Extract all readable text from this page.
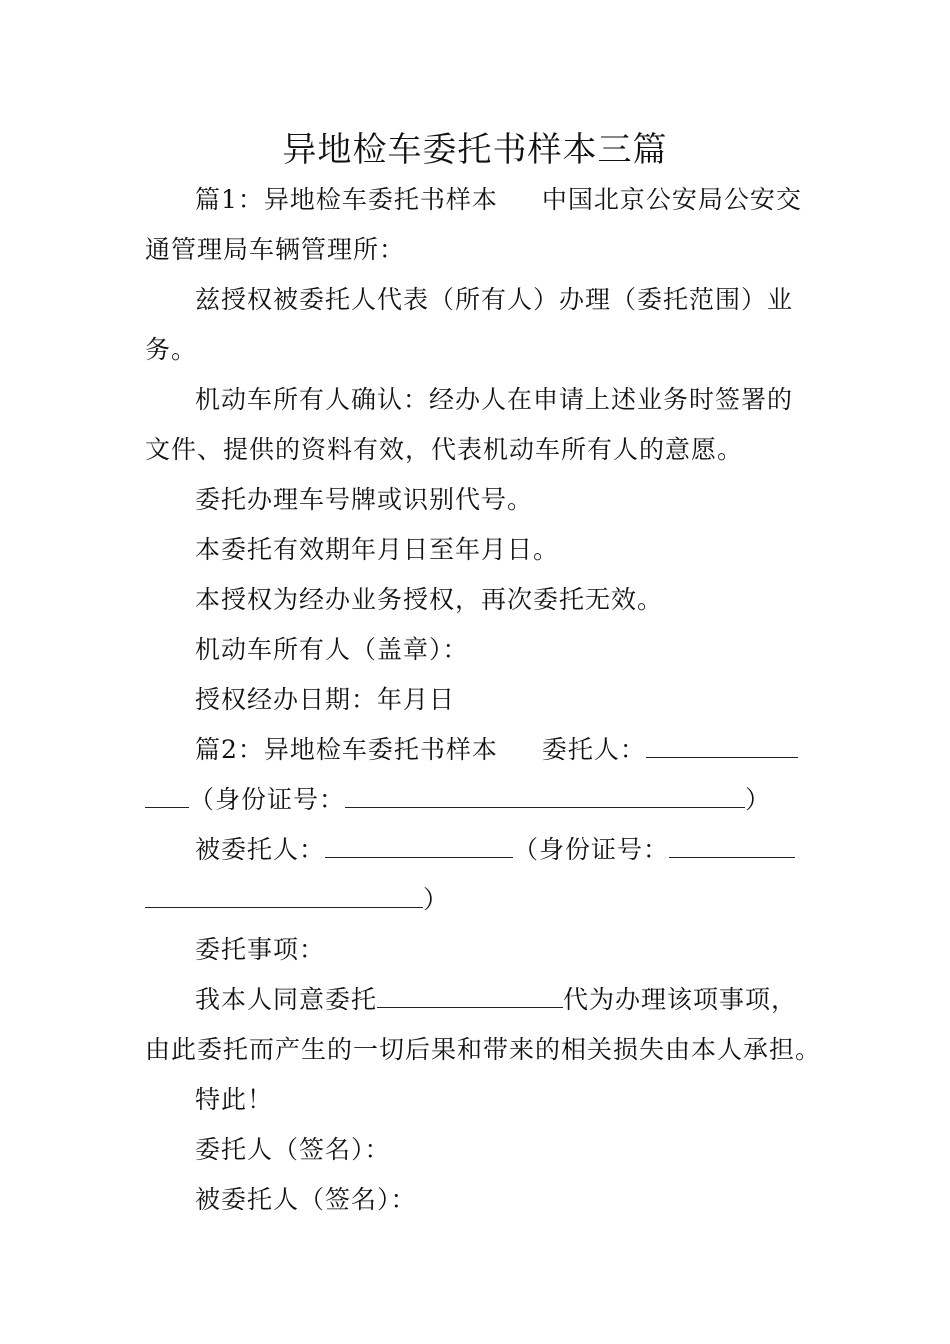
异地检车委托书样本三篇
篇1：异地检车委托书样本 中国北京公安局公安交
通管理局车辆管理所：
兹授权被委托人代表（所有人）办理（委托范围）业
务。
机动车所有人确认：经办人在申请上述业务时签署的
文件、提供的资料有效，代表机动车所有人的意愿。
委托办理车号牌或识别代号。
本委托有效期年月日至年月日。
本授权为经办业务授权，再次委托无效。
机动车所有人（盖章）：
授权经办日期：年月日
篇2：异地检车委托书样本 委托人：
（身份证号：	）
被委托人：	（身份证号：
）
委托事项：
我本人同意委托	代为办理该项事项，
由此委托而产生的一切后果和带来的相关损失由本人承担。
特此！
委托人（签名）：
被委托人（签名）：
